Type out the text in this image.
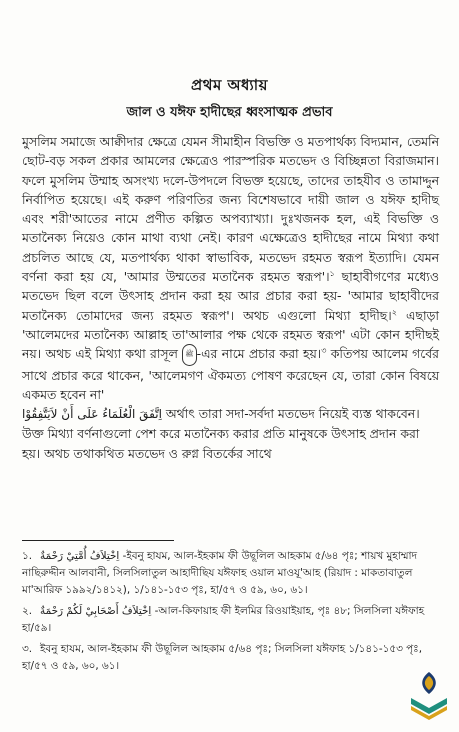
প্রথম অধ্যায়
জাল ও যঈফ হাদীছের ধ্বংসাত্মক প্রভাব

মুসলিম সমাজে আক্বীদার ক্ষেত্রে যেমন সীমাহীন বিভক্তি ও মতপার্থক্য বিদ্যমান, তেমনি ছোট-বড় সকল প্রকার আমলের ক্ষেত্রেও পারস্পরিক মতভেদ ও বিচ্ছিন্নতা বিরাজমান। ফলে মুসলিম উম্মাহ অসংখ্য দলে-উপদলে বিভক্ত হয়েছে, তাদের তাহযীব ও তামাদ্দুন নির্বাপিত হয়েছে। এই করুণ পরিণতির জন্য বিশেষভাবে দায়ী জাল ও যঈফ হাদীছ এবং শরী'আতের নামে প্রণীত কল্পিত অপব্যাখ্যা। দুঃখজনক হল, এই বিভক্তি ও মতানৈক্য নিয়েও কোন মাথা ব্যথা নেই। কারণ এক্ষেত্রেও হাদীছের নামে মিথ্যা কথা প্রচলিত আছে যে, মতপার্থক্য থাকা স্বাভাবিক, মতভেদ রহমত স্বরূপ ইত্যাদি। যেমন বর্ণনা করা হয় যে, 'আমার উম্মতের মতানৈক রহমত স্বরূপ'।$^১$ ছাহাবীগণের মধ্যেও মতভেদ ছিল বলে উৎসাহ প্রদান করা হয় আর প্রচার করা হয়- 'আমার ছাহাবীদের মতানৈক্য তোমাদের জন্য রহমত স্বরূপ'। অথচ এগুলো মিথ্যা হাদীছ।$^২$ এছাড়া 'আলেমদের মতানৈক্য আল্লাহ তা'আলার পক্ষ থেকে রহমত স্বরূপ' এটা কোন হাদীছই নয়। অথচ এই মিথ্যা কথা রাসূল ﷺ -এর নামে প্রচার করা হয়।$^৩$ কতিপয় আলেম গর্বের সাথে প্রচার করে থাকেন, 'আলেমগণ ঐকমত্য পোষণ করেছেন যে, তারা কোন বিষয়ে একমত হবেন না'

اِتَّفَقَ الْعُلَمَاءُ عَلَى أَنْ لاَيَتَّفِقُوْا	অর্থাৎ তারা সদা-সর্বদা মতভেদ নিয়েই ব্যস্ত থাকবেন। উক্ত মিথ্যা বর্ণনাগুলো পেশ করে মতানৈক্য করার প্রতি মানুষকে উৎসাহ প্রদান করা হয়। অথচ তথাকথিত মতভেদ ও রুগ্ন বিতর্কের সাথে

১. اِخْتِلاَفُ أُمَّتِيْ رَحْمَةٌ -ইবনু হাযম, আল-ইহকাম ফী উছূলিল আহকাম ৫/৬৪ পৃঃ; শায়খ মুহাম্মাদ নাছিরুদ্দীন আলবানী, সিলসিলাতুল আহাদীছিয যঈফাহ ওয়াল মাওযূ'আহ (রিয়াদ : মাকতাবাতুল মা'আরিফ ১৯৯২/১৪১২), ১/১৪১-১৫৩ পৃঃ, হা/৫৭ ও ৫৯, ৬০, ৬১।
২. اِخْتِلاَفُ أَصْحَابِيْ لَكُمْ رَحْمَةٌ -আল-কিফায়াহ ফী ইলমির রিওয়াইয়াহ, পৃঃ ৪৮; সিলসিলা যঈফাহ হা/৫৯।
৩. ইবনু হাযম, আল-ইহকাম ফী উছূলিল আহকাম ৫/৬৪ পৃঃ; সিলসিলা যঈফাহ ১/১৪১-১৫৩ পৃঃ, হা/৫৭ ও ৫৯, ৬০, ৬১।
